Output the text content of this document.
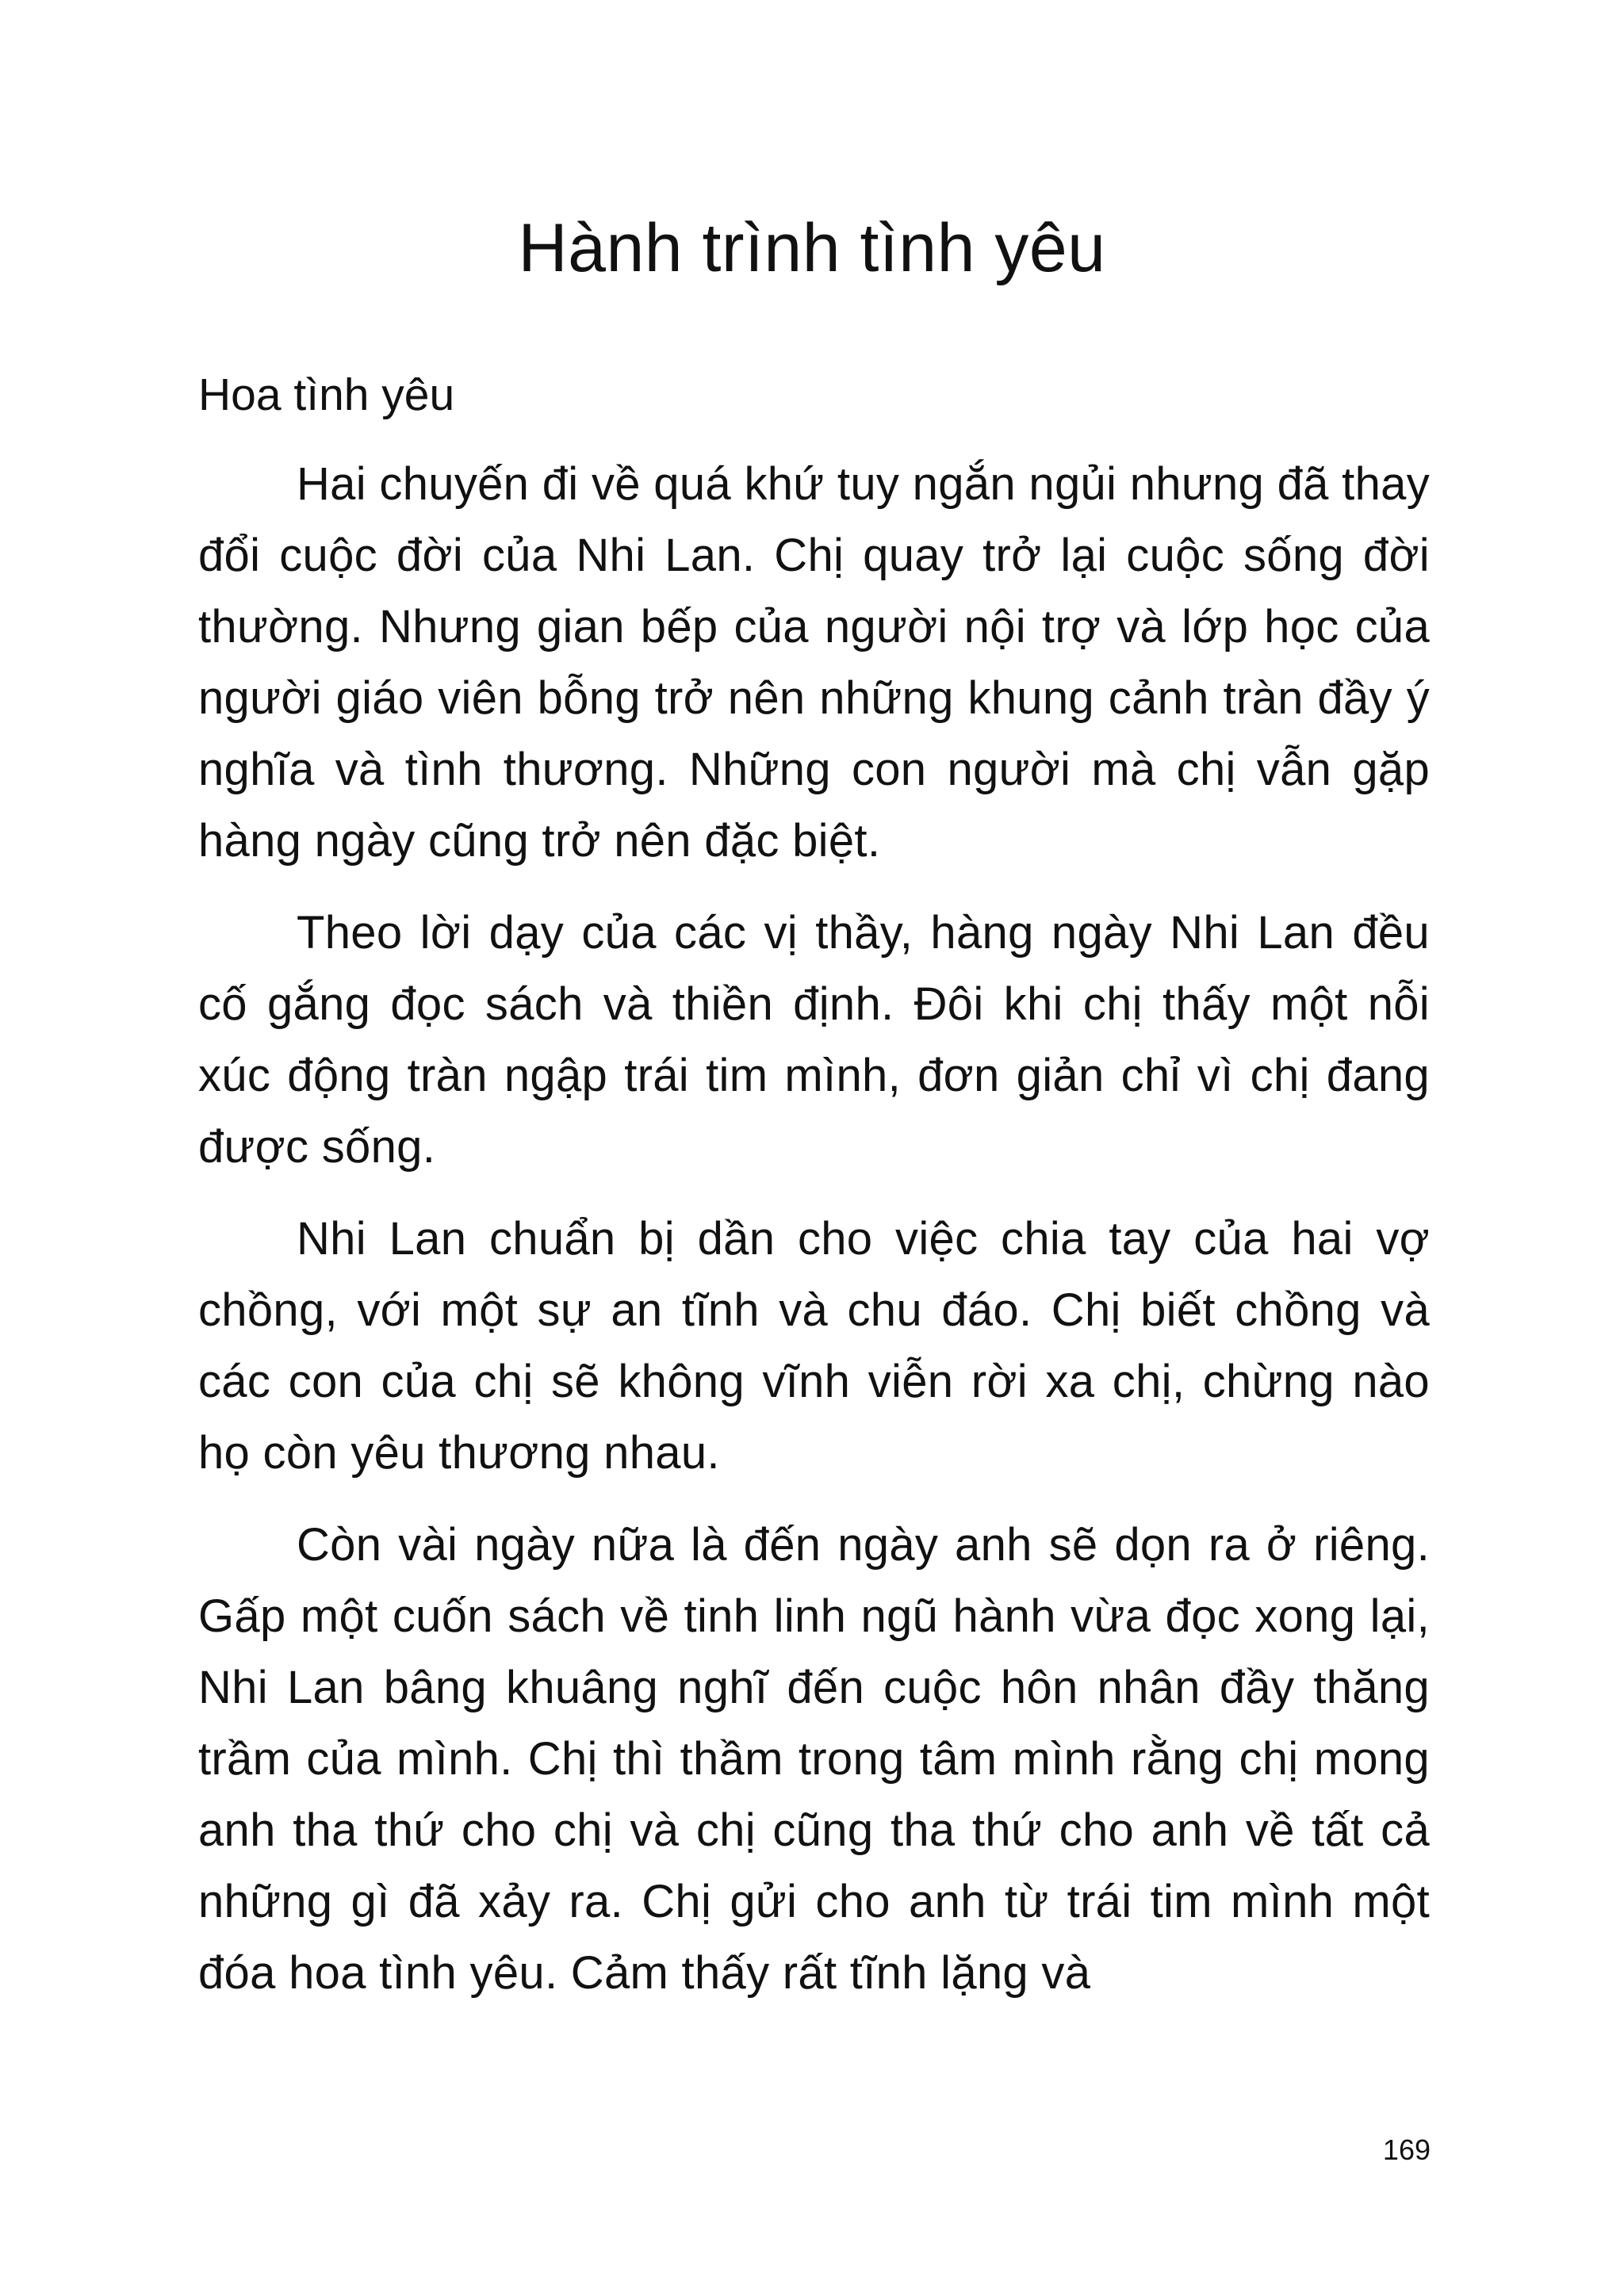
Hành trình tình yêu
Hoa tình yêu

Hai chuyến đi về quá khứ tuy ngắn ngủi nhưng đã thay đổi cuộc đời của Nhi Lan. Chị quay trở lại cuộc sống đời thường. Nhưng gian bếp của người nội trợ và lớp học của người giáo viên bỗng trở nên những khung cảnh tràn đầy ý nghĩa và tình thương. Những con người mà chị vẫn gặp hàng ngày cũng trở nên đặc biệt.

Theo lời dạy của các vị thầy, hàng ngày Nhi Lan đều cố gắng đọc sách và thiền định. Đôi khi chị thấy một nỗi xúc động tràn ngập trái tim mình, đơn giản chỉ vì chị đang được sống.

Nhi Lan chuẩn bị dần cho việc chia tay của hai vợ chồng, với một sự an tĩnh và chu đáo. Chị biết chồng và các con của chị sẽ không vĩnh viễn rời xa chị, chừng nào họ còn yêu thương nhau.

Còn vài ngày nữa là đến ngày anh sẽ dọn ra ở riêng. Gấp một cuốn sách về tinh linh ngũ hành vừa đọc xong lại, Nhi Lan bâng khuâng nghĩ đến cuộc hôn nhân đầy thăng trầm của mình. Chị thì thầm trong tâm mình rằng chị mong anh tha thứ cho chị và chị cũng tha thứ cho anh về tất cả những gì đã xảy ra. Chị gửi cho anh từ trái tim mình một đóa hoa tình yêu. Cảm thấy rất tĩnh lặng và

169
